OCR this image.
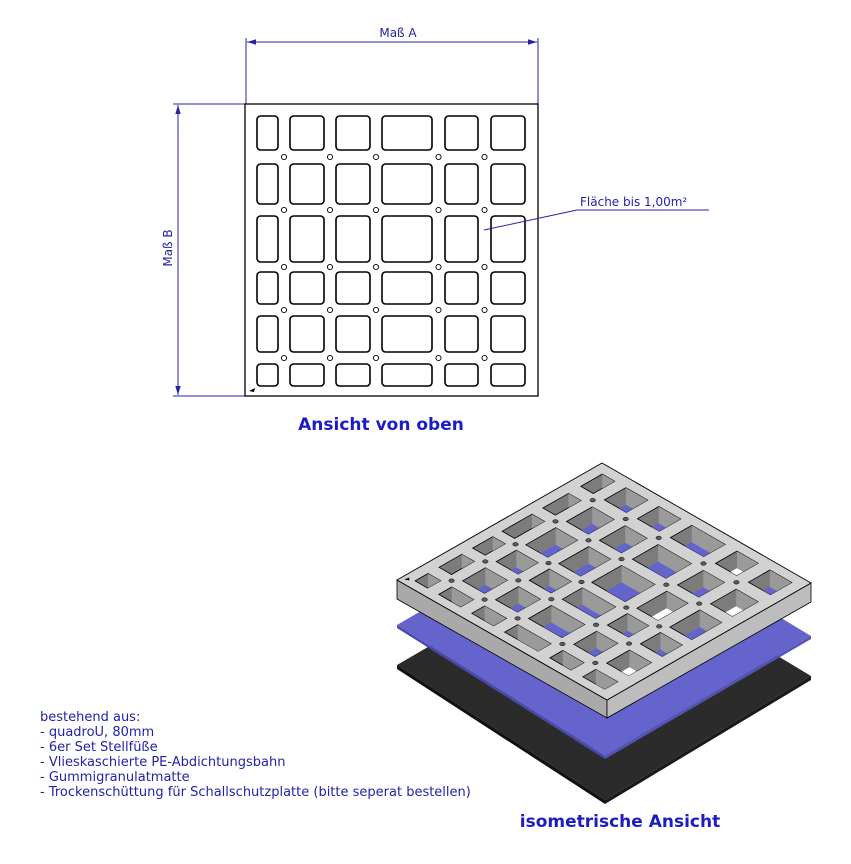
Maß A
Maß B
Fläche bis 1,00m²
Ansicht von oben
isometrische Ansicht
bestehend aus:
- quadroU, 80mm
- 6er Set Stellfüße
- Vlieskaschierte PE-Abdichtungsbahn
- Gummigranulatmatte
- Trockenschüttung für Schallschutzplatte (bitte seperat bestellen)
